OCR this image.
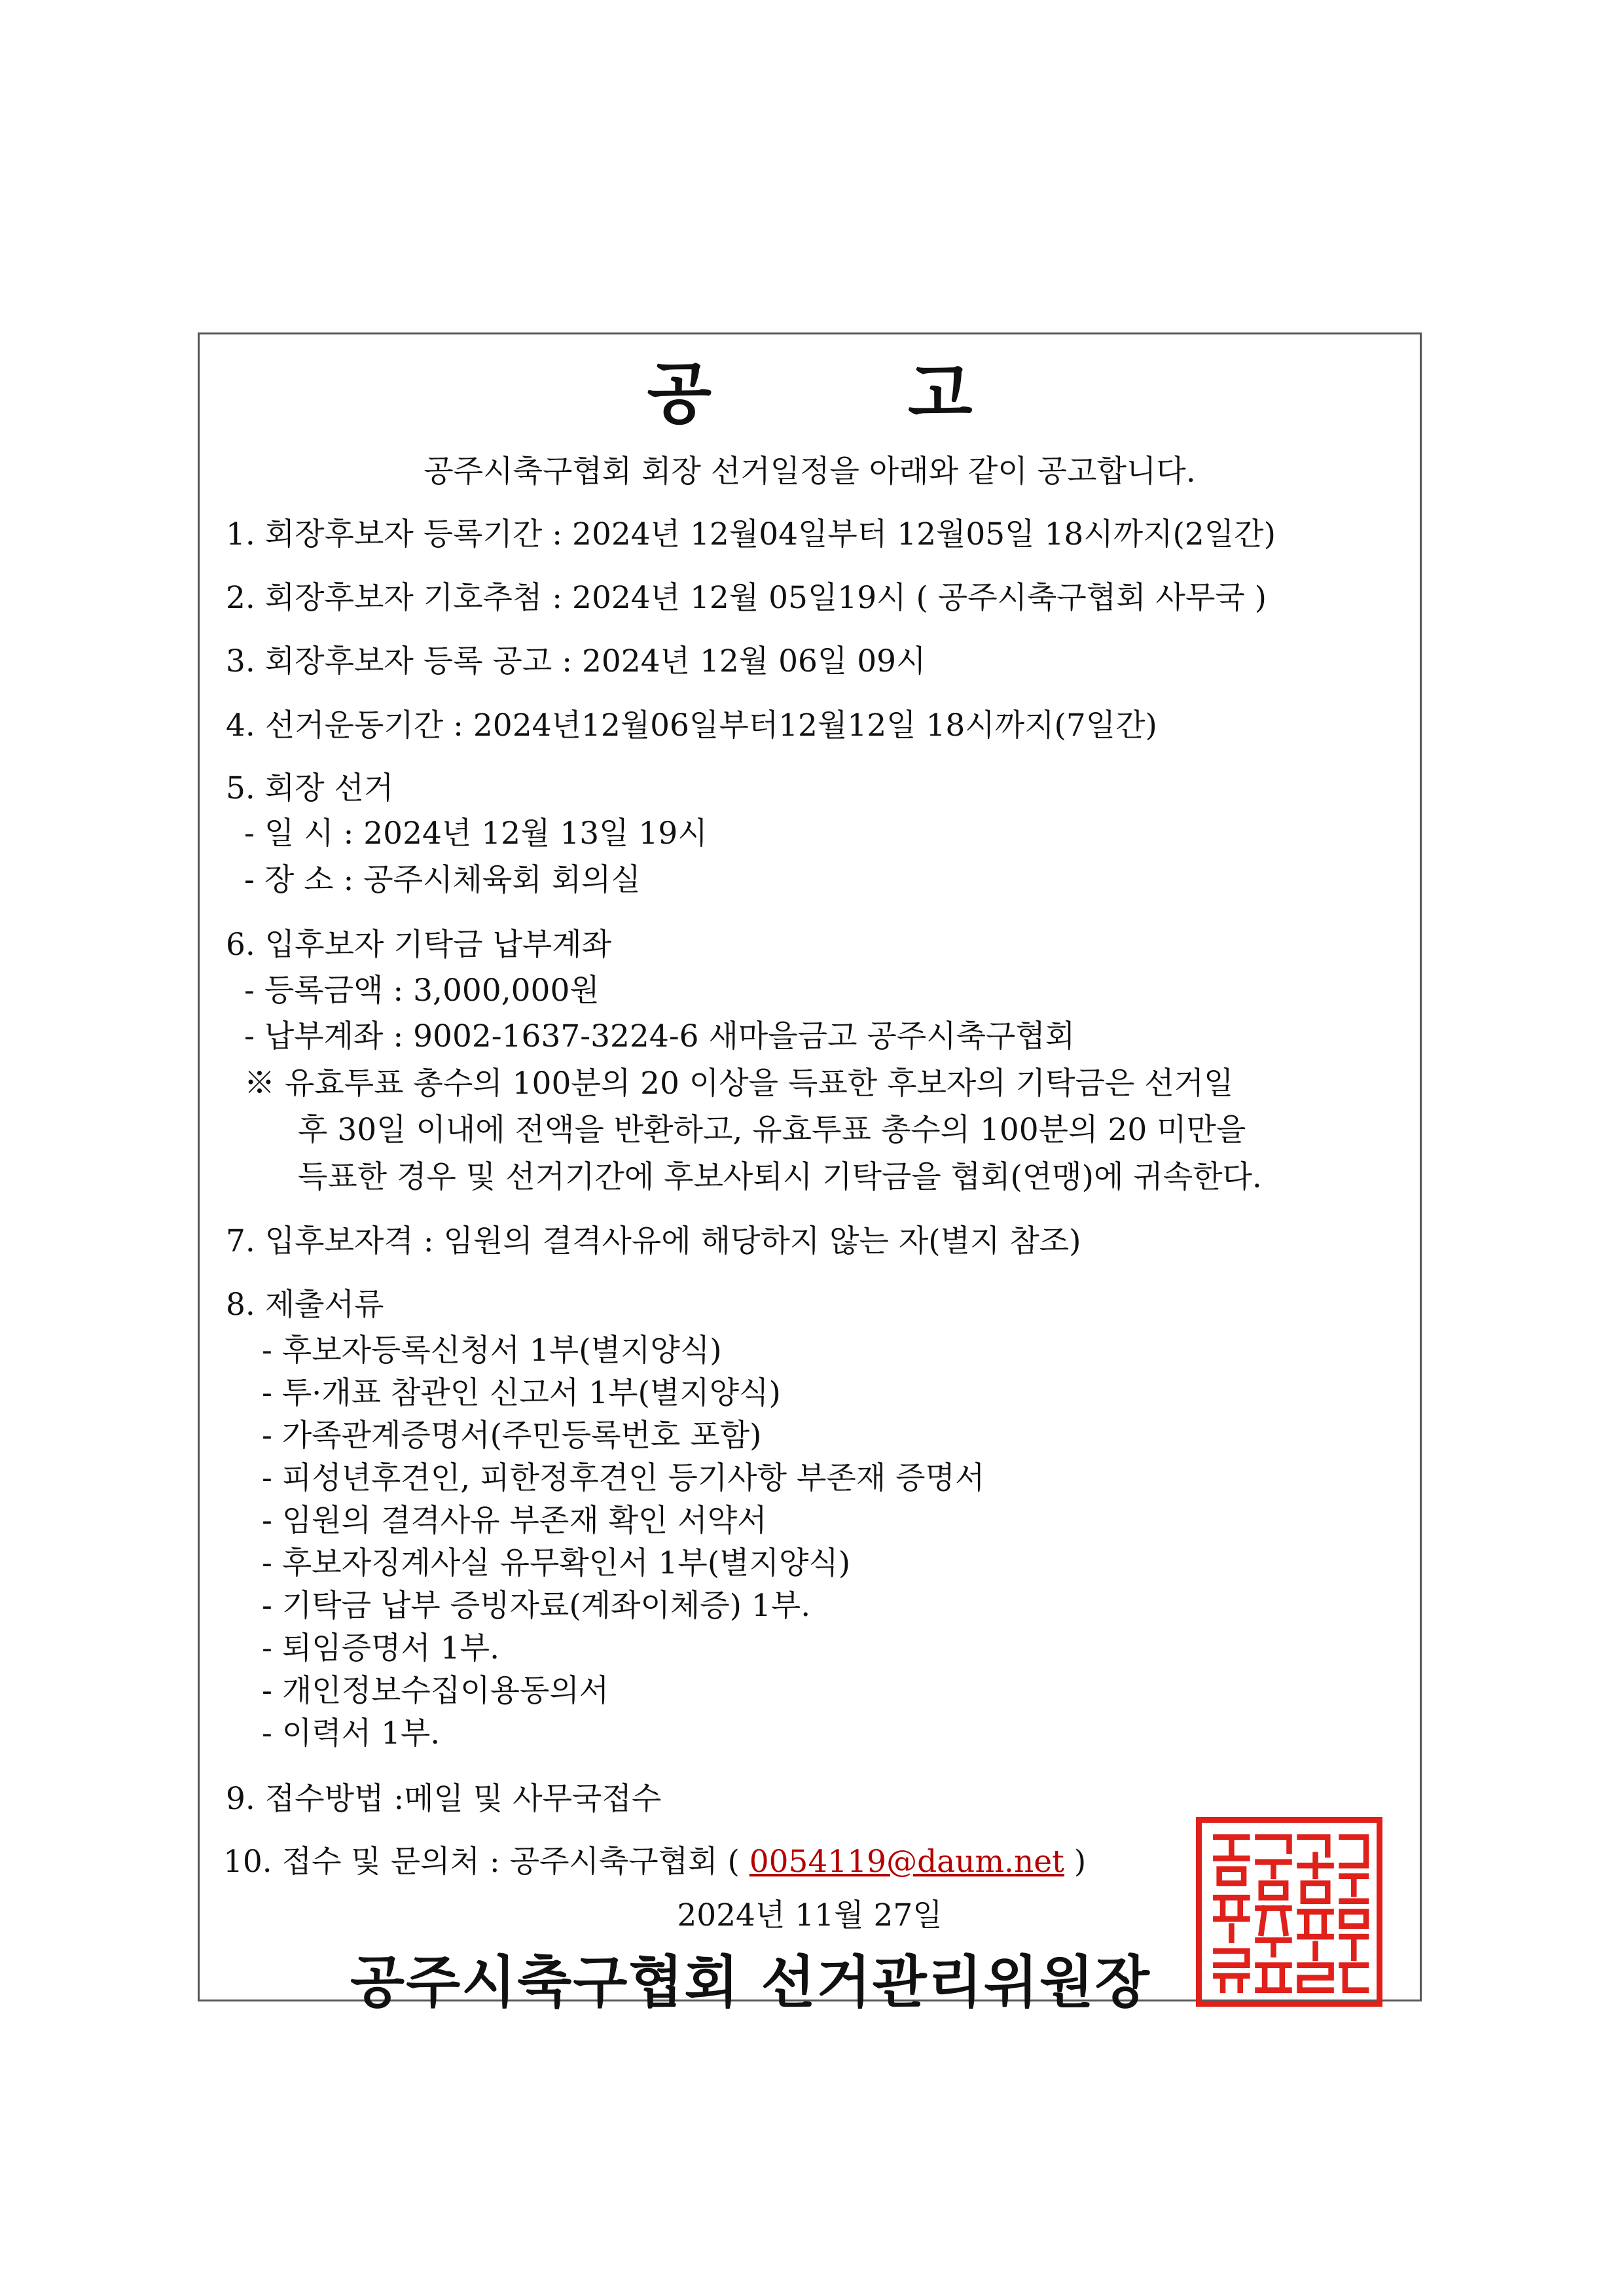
공	고
공주시축구협회 회장 선거일정을 아래와 같이 공고합니다.
1. 회장후보자 등록기간 : 2024년 12월04일부터 12월05일 18시까지(2일간)
2. 회장후보자 기호추첨 : 2024년 12월 05일19시 ( 공주시축구협회 사무국 )
3. 회장후보자 등록 공고 : 2024년 12월 06일 09시
4. 선거운동기간 : 2024년12월06일부터12월12일 18시까지(7일간)
5. 회장 선거
- 일 시 : 2024년 12월 13일 19시
- 장 소 : 공주시체육회 회의실
6. 입후보자 기탁금 납부계좌
- 등록금액 : 3,000,000원
- 납부계좌 : 9002-1637-3224-6 새마을금고 공주시축구협회
※ 유효투표 총수의 100분의 20 이상을 득표한 후보자의 기탁금은 선거일
후 30일 이내에 전액을 반환하고, 유효투표 총수의 100분의 20 미만을
득표한 경우 및 선거기간에 후보사퇴시 기탁금을 협회(연맹)에 귀속한다.
7. 입후보자격 : 임원의 결격사유에 해당하지 않는 자(별지 참조)
8. 제출서류
- 후보자등록신청서 1부(별지양식)
- 투·개표 참관인 신고서 1부(별지양식)
- 가족관계증명서(주민등록번호 포함)
- 피성년후견인, 피한정후견인 등기사항 부존재 증명서
- 임원의 결격사유 부존재 확인 서약서
- 후보자징계사실 유무확인서 1부(별지양식)
- 기탁금 납부 증빙자료(계좌이체증) 1부.
- 퇴임증명서 1부.
- 개인정보수집이용동의서
- 이력서 1부.
9. 접수방법 :메일 및 사무국접수
10. 접수 및 문의처 : 공주시축구협회 ( 0054119@daum.net )
2024년 11월 27일
공주시축구협회 선거관리위원장
